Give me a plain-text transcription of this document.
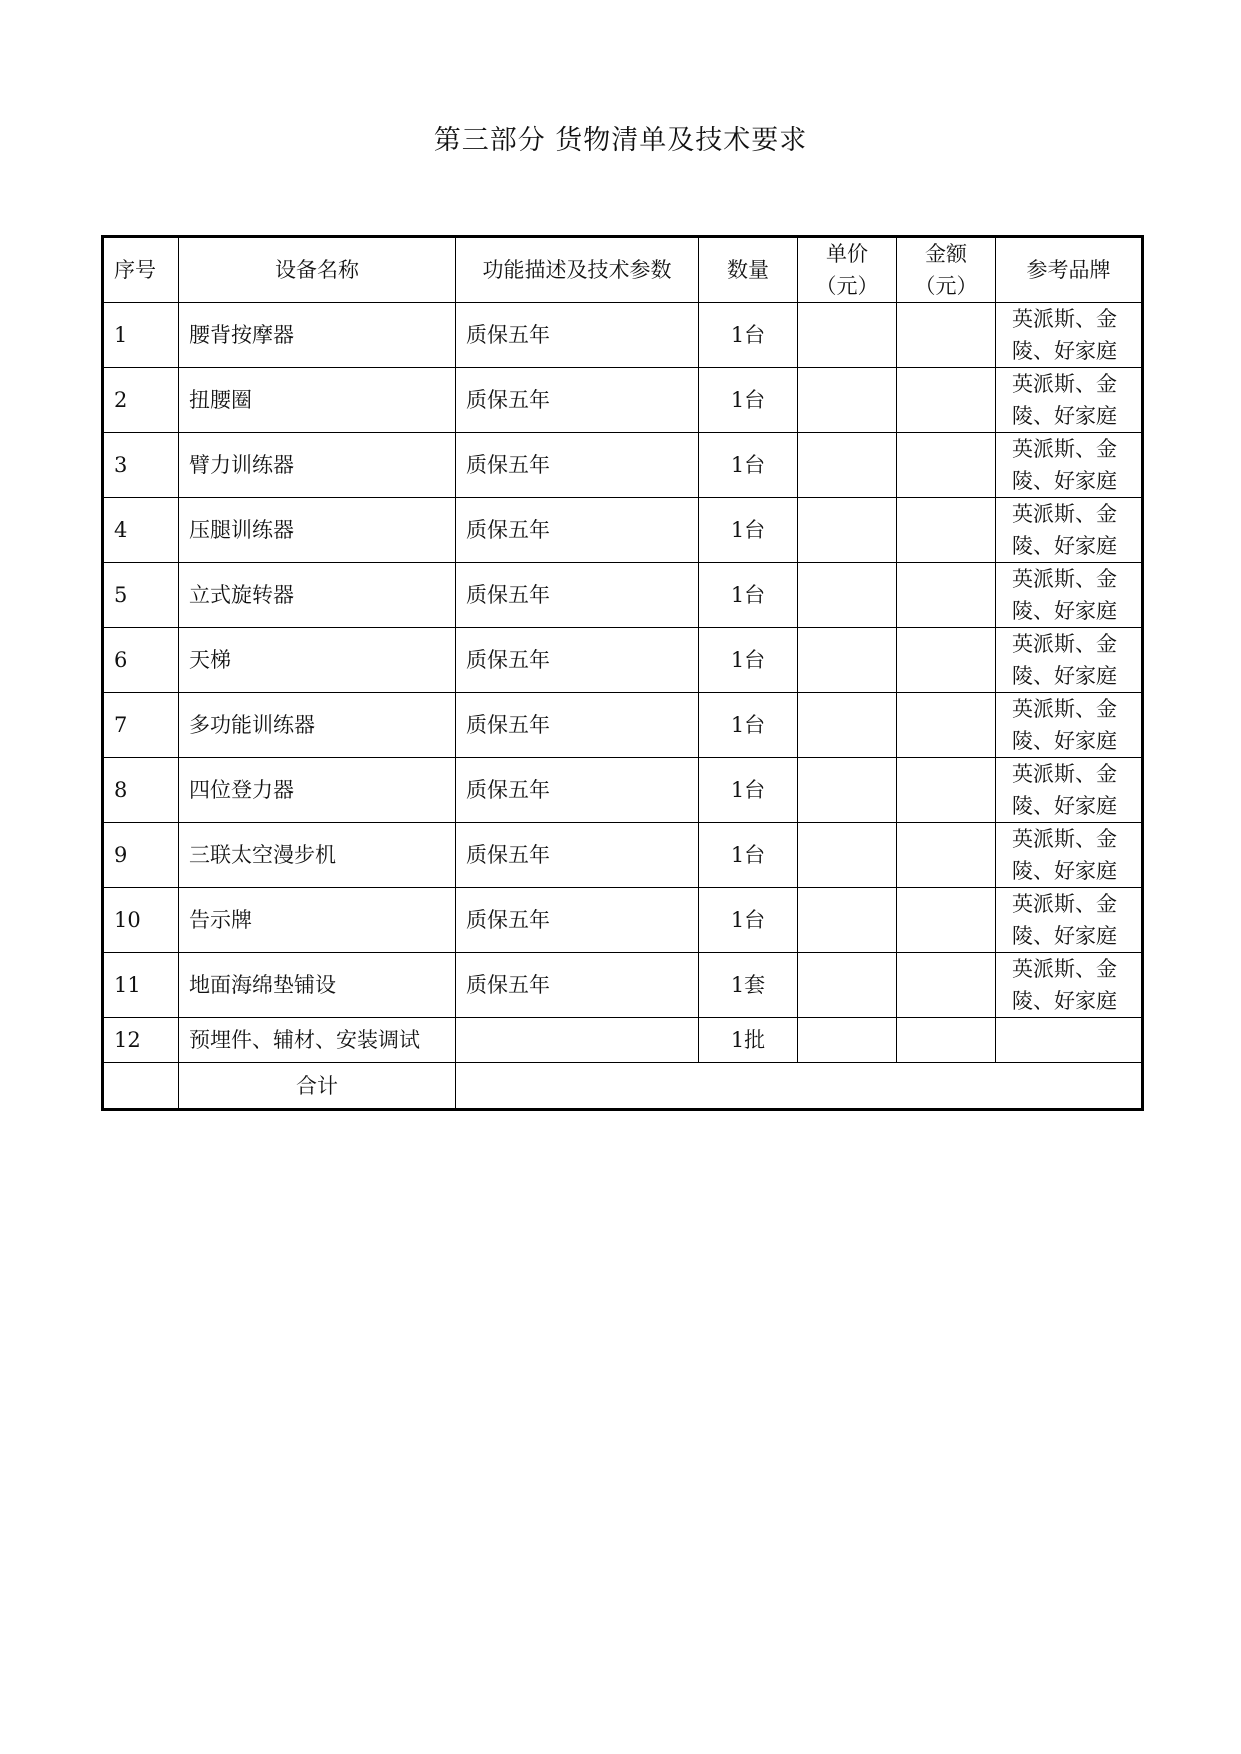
第三部分 货物清单及技术要求
序号	设备名称	功能描述及技术参数	数量	单价（元）	金额（元）	参考品牌
1	腰背按摩器	质保五年	1台			英派斯、金陵、好家庭
2	扭腰圈	质保五年	1台			英派斯、金陵、好家庭
3	臂力训练器	质保五年	1台			英派斯、金陵、好家庭
4	压腿训练器	质保五年	1台			英派斯、金陵、好家庭
5	立式旋转器	质保五年	1台			英派斯、金陵、好家庭
6	天梯	质保五年	1台			英派斯、金陵、好家庭
7	多功能训练器	质保五年	1台			英派斯、金陵、好家庭
8	四位登力器	质保五年	1台			英派斯、金陵、好家庭
9	三联太空漫步机	质保五年	1台			英派斯、金陵、好家庭
10	告示牌	质保五年	1台			英派斯、金陵、好家庭
11	地面海绵垫铺设	质保五年	1套			英派斯、金陵、好家庭
12	预埋件、辅材、安装调试		1批			
	合计					
